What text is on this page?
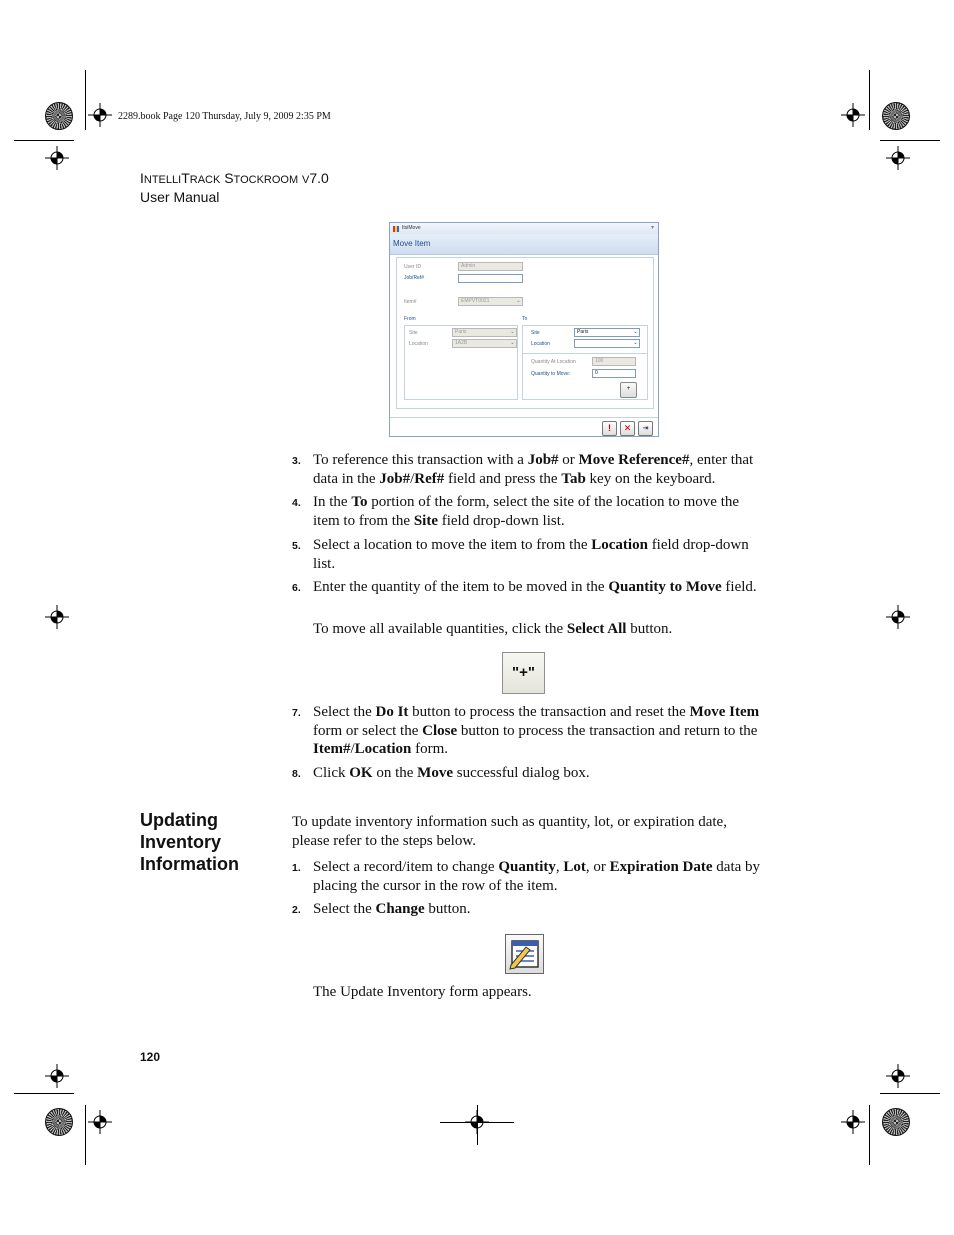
2289.book Page 120 Thursday, July 9, 2009 2:35 PM
INTELLITRACK STOCKROOM V7.0
User Manual
ItsiMove	▾
Move Item
User ID	Admin
Job/Ref#
Item#	EMPVT0021	⌄
From	To
Site	Paris	⌄
Location	1A2B	⌄
Site	Paris	⌄
Location	⌄
Quantity At Location	100
Quantity to Move:	0
+
!	✕	⇥
3. To reference this transaction with a Job# or Move Reference#, enter that data in the Job#/Ref# field and press the Tab key on the keyboard.
4. In the To portion of the form, select the site of the location to move the item to from the Site field drop-down list.
5. Select a location to move the item to from the Location field drop-down list.
6. Enter the quantity of the item to be moved in the Quantity to Move field.
To move all available quantities, click the Select All button.
"+"
7. Select the Do It button to process the transaction and reset the Move Item form or select the Close button to process the transaction and return to the Item#/Location form.
8. Click OK on the Move successful dialog box.
Updating Inventory Information
To update inventory information such as quantity, lot, or expiration date, please refer to the steps below.
1. Select a record/item to change Quantity, Lot, or Expiration Date data by placing the cursor in the row of the item.
2. Select the Change button.
The Update Inventory form appears.
120
